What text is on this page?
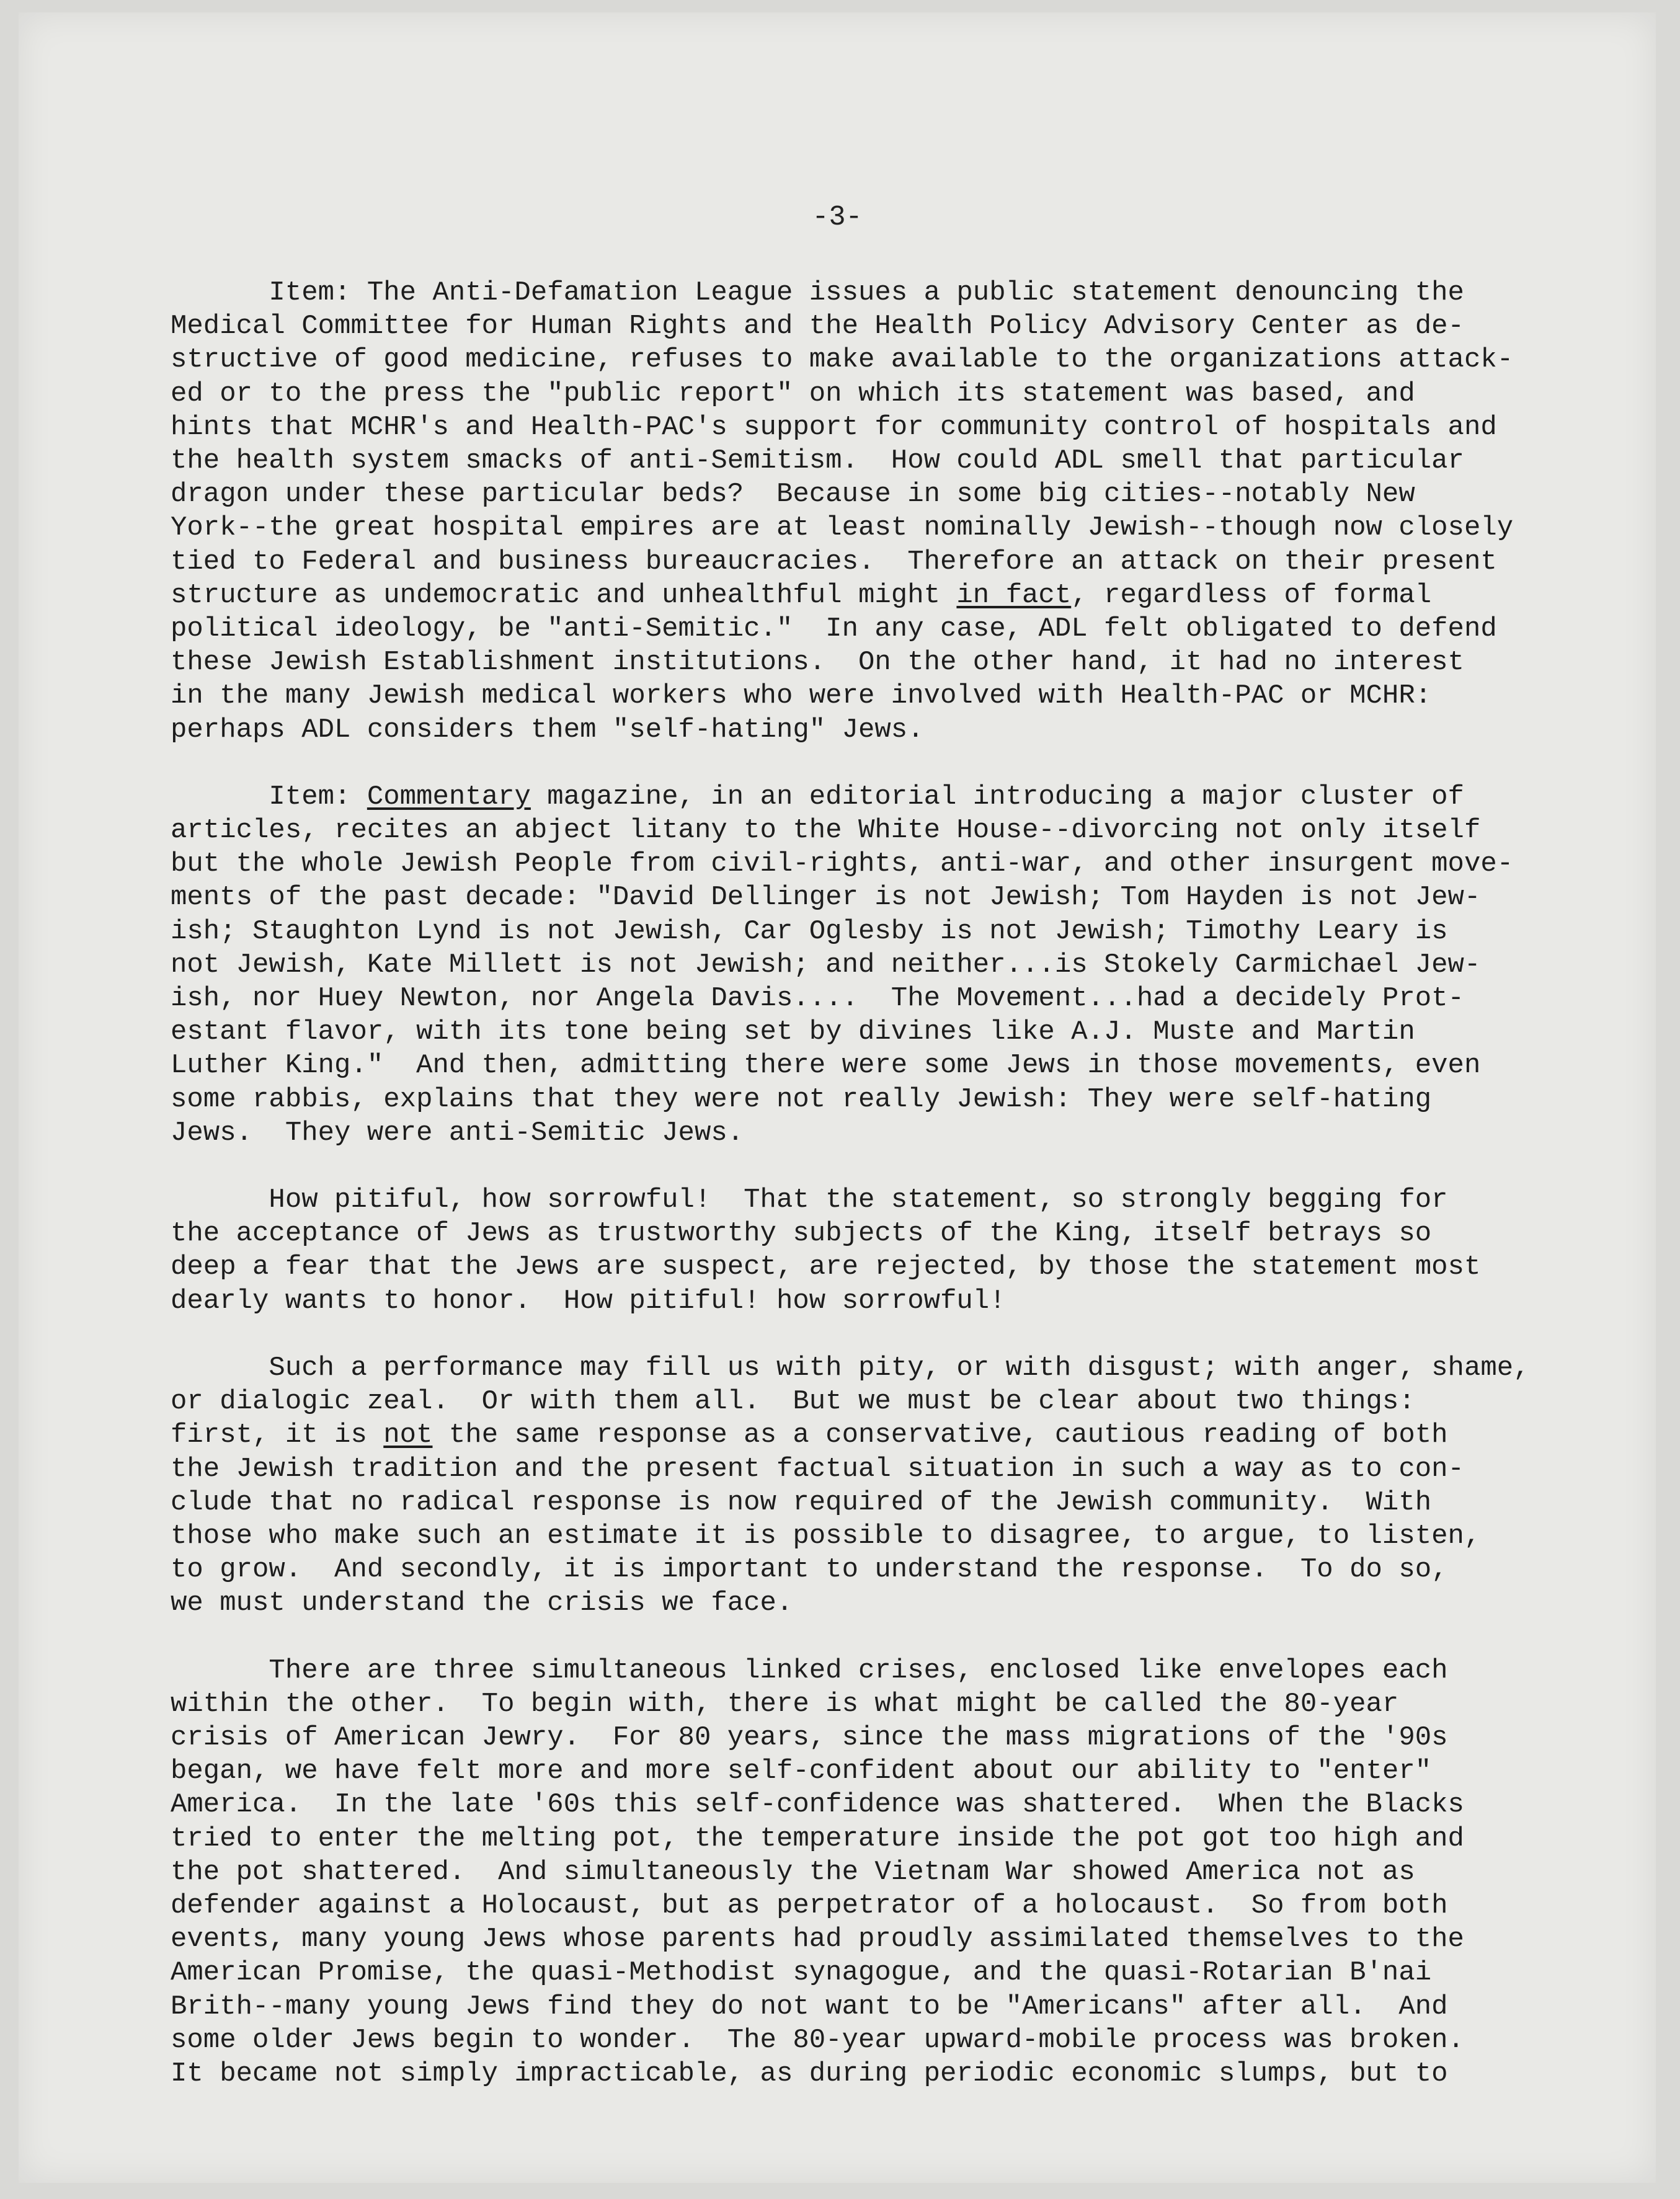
-3-
Item: The Anti-Defamation League issues a public statement denouncing the
Medical Committee for Human Rights and the Health Policy Advisory Center as de-
structive of good medicine, refuses to make available to the organizations attack-
ed or to the press the "public report" on which its statement was based, and
hints that MCHR's and Health-PAC's support for community control of hospitals and
the health system smacks of anti-Semitism.  How could ADL smell that particular
dragon under these particular beds?  Because in some big cities--notably New
York--the great hospital empires are at least nominally Jewish--though now closely
tied to Federal and business bureaucracies.  Therefore an attack on their present
structure as undemocratic and unhealthful might in fact, regardless of formal
political ideology, be "anti-Semitic."  In any case, ADL felt obligated to defend
these Jewish Establishment institutions.  On the other hand, it had no interest
in the many Jewish medical workers who were involved with Health-PAC or MCHR:
perhaps ADL considers them "self-hating" Jews.
Item: Commentary magazine, in an editorial introducing a major cluster of
articles, recites an abject litany to the White House--divorcing not only itself
but the whole Jewish People from civil-rights, anti-war, and other insurgent move-
ments of the past decade: "David Dellinger is not Jewish; Tom Hayden is not Jew-
ish; Staughton Lynd is not Jewish, Car Oglesby is not Jewish; Timothy Leary is
not Jewish, Kate Millett is not Jewish; and neither...is Stokely Carmichael Jew-
ish, nor Huey Newton, nor Angela Davis....  The Movement...had a decidely Prot-
estant flavor, with its tone being set by divines like A.J. Muste and Martin
Luther King."  And then, admitting there were some Jews in those movements, even
some rabbis, explains that they were not really Jewish: They were self-hating
Jews.  They were anti-Semitic Jews.
How pitiful, how sorrowful!  That the statement, so strongly begging for
the acceptance of Jews as trustworthy subjects of the King, itself betrays so
deep a fear that the Jews are suspect, are rejected, by those the statement most
dearly wants to honor.  How pitiful! how sorrowful!
Such a performance may fill us with pity, or with disgust; with anger, shame,
or dialogic zeal.  Or with them all.  But we must be clear about two things:
first, it is not the same response as a conservative, cautious reading of both
the Jewish tradition and the present factual situation in such a way as to con-
clude that no radical response is now required of the Jewish community.  With
those who make such an estimate it is possible to disagree, to argue, to listen,
to grow.  And secondly, it is important to understand the response.  To do so,
we must understand the crisis we face.
There are three simultaneous linked crises, enclosed like envelopes each
within the other.  To begin with, there is what might be called the 80-year
crisis of American Jewry.  For 80 years, since the mass migrations of the '90s
began, we have felt more and more self-confident about our ability to "enter"
America.  In the late '60s this self-confidence was shattered.  When the Blacks
tried to enter the melting pot, the temperature inside the pot got too high and
the pot shattered.  And simultaneously the Vietnam War showed America not as
defender against a Holocaust, but as perpetrator of a holocaust.  So from both
events, many young Jews whose parents had proudly assimilated themselves to the
American Promise, the quasi-Methodist synagogue, and the quasi-Rotarian B'nai
Brith--many young Jews find they do not want to be "Americans" after all.  And
some older Jews begin to wonder.  The 80-year upward-mobile process was broken.
It became not simply impracticable, as during periodic economic slumps, but to
